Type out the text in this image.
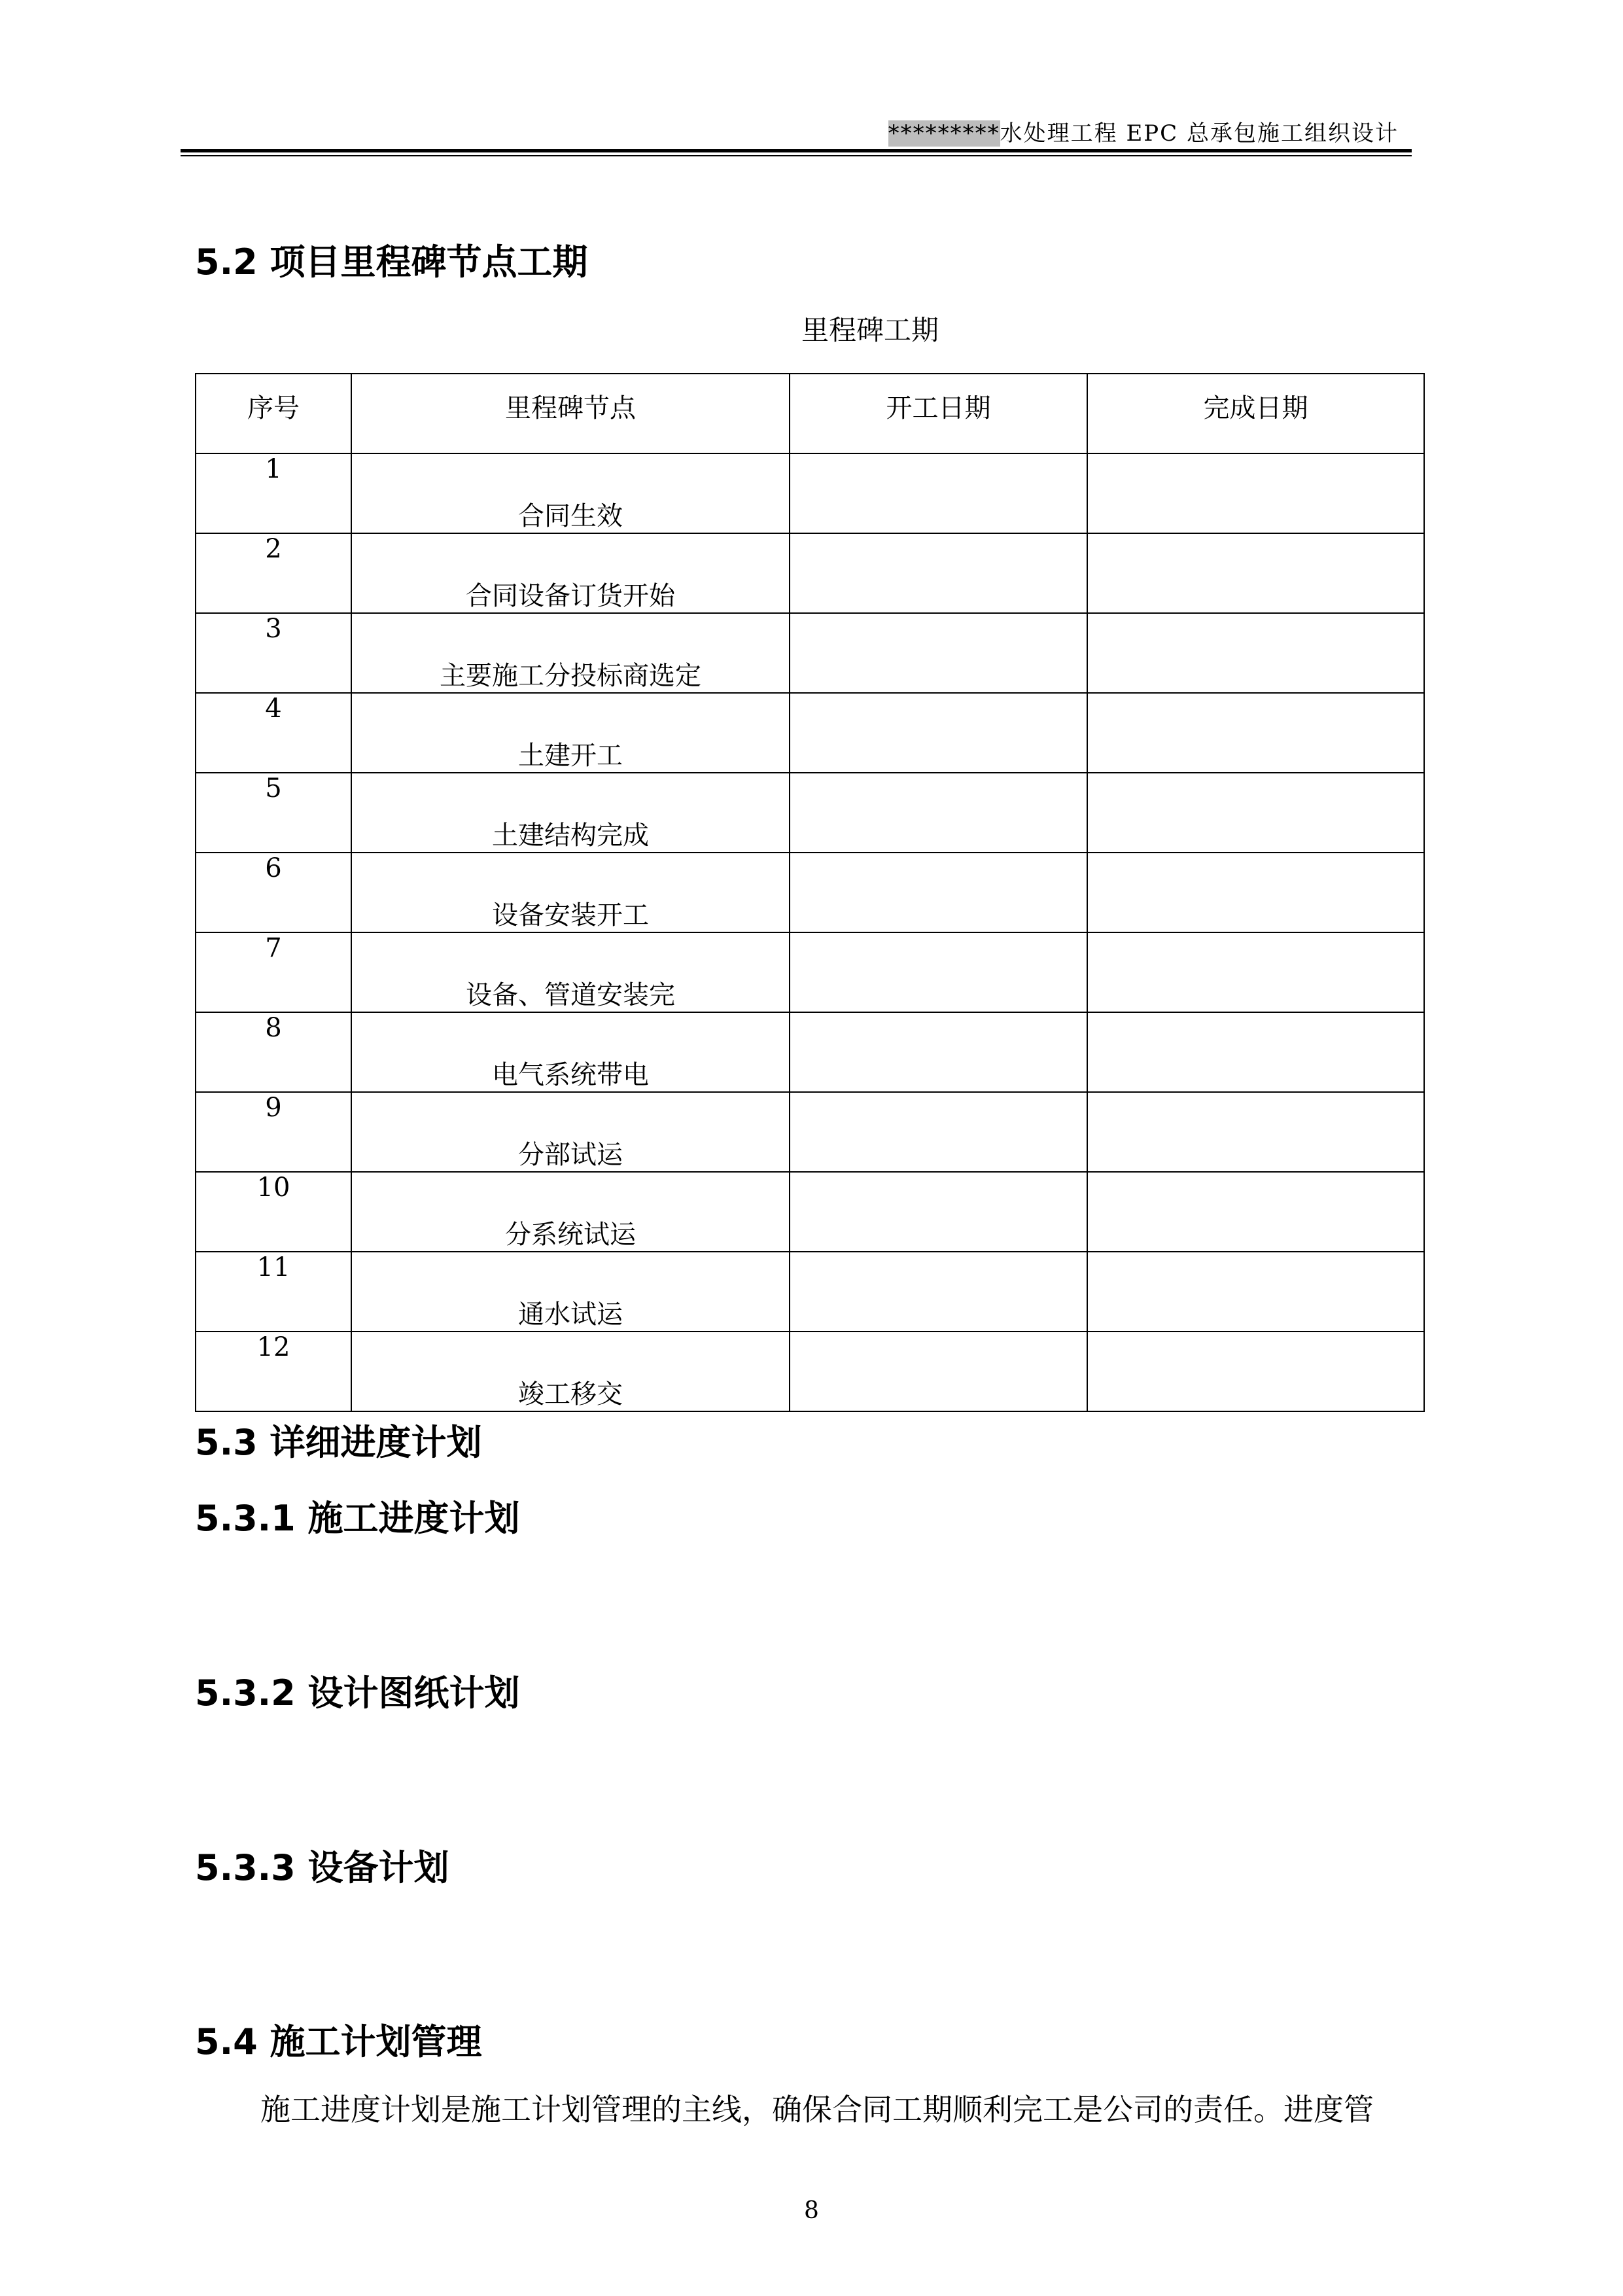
*********水处理工程 EPC 总承包施工组织设计
5.2 项目里程碑节点工期
里程碑工期
序号	里程碑节点	开工日期	完成日期
1	合同生效		
2	合同设备订货开始		
3	主要施工分投标商选定		
4	土建开工		
5	土建结构完成		
6	设备安装开工		
7	设备、管道安装完		
8	电气系统带电		
9	分部试运		
10	分系统试运		
11	通水试运		
12	竣工移交		
5.3 详细进度计划
5.3.1 施工进度计划
5.3.2 设计图纸计划
5.3.3 设备计划
5.4 施工计划管理
施工进度计划是施工计划管理的主线，确保合同工期顺利完工是公司的责任。进度管
8
